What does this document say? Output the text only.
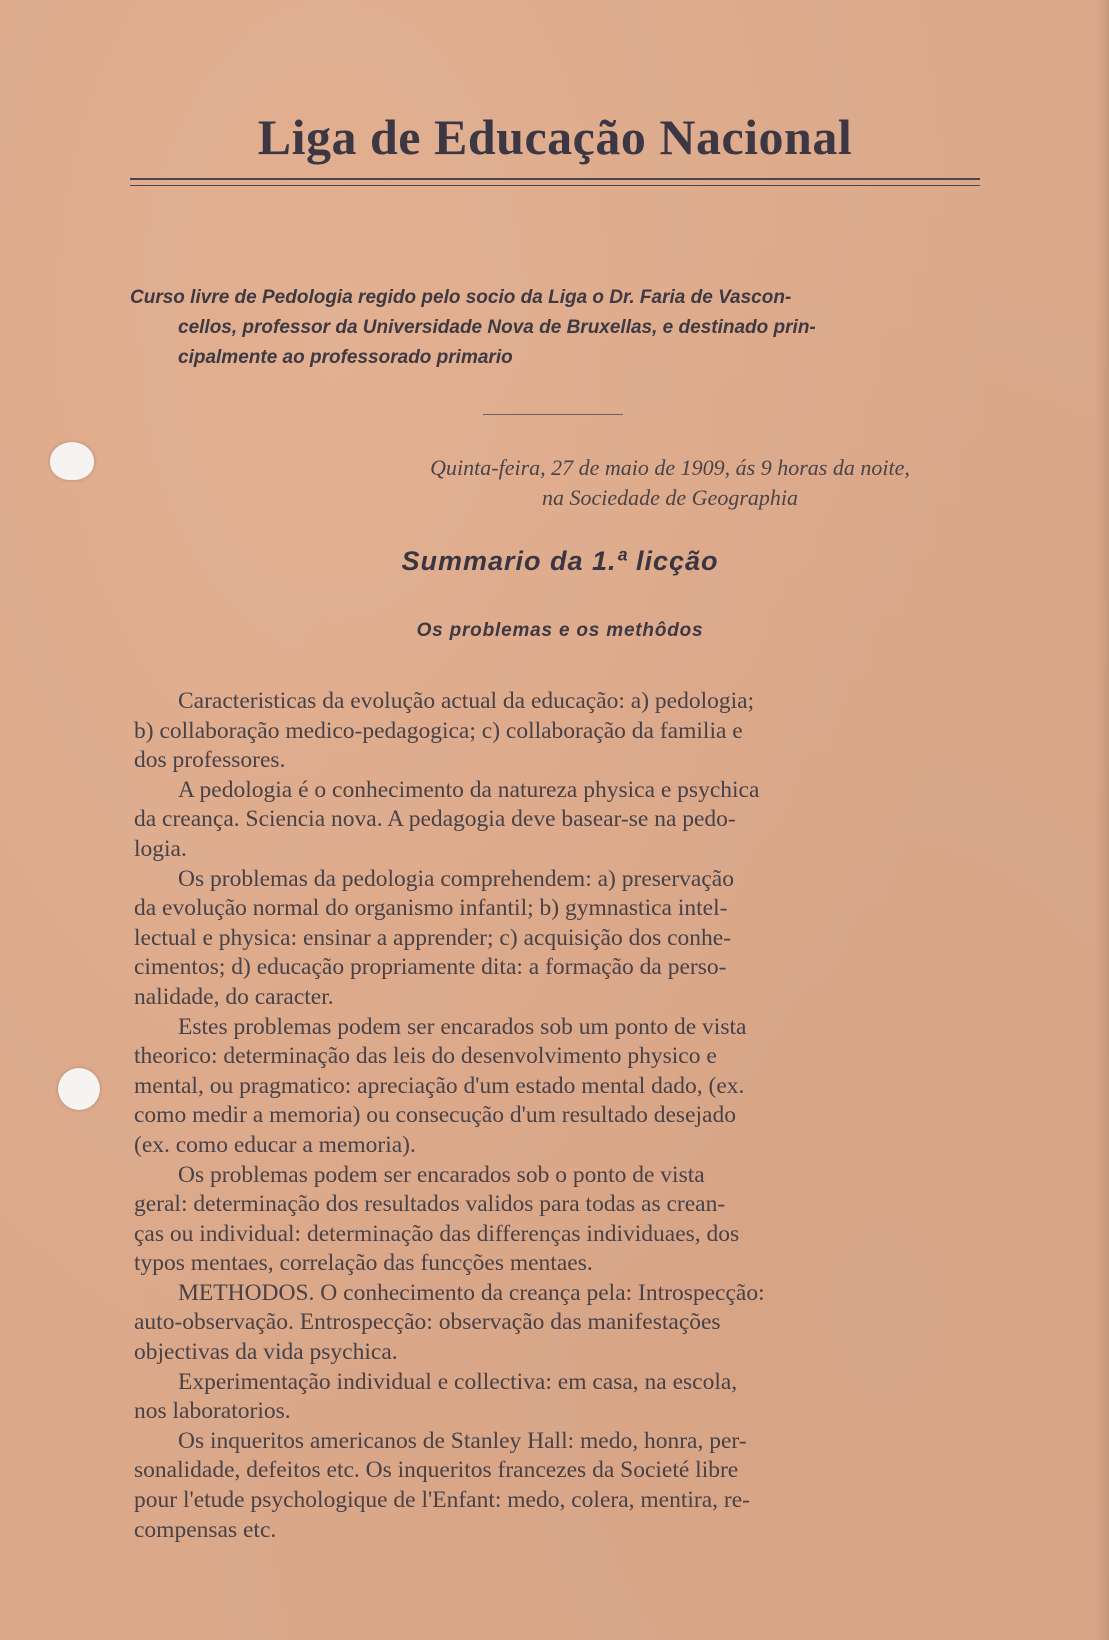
Liga de Educação Nacional
Curso livre de Pedologia regido pelo socio da Liga o Dr. Faria de Vascon-
cellos, professor da Universidade Nova de Bruxellas, e destinado prin-
cipalmente ao professorado primario
Quinta-feira, 27 de maio de 1909, ás 9 horas da noite,
na Sociedade de Geographia
Summario da 1.ª licção
Os problemas e os methôdos
Caracteristicas da evolução actual da educação: a) pedologia;
b) collaboração medico-pedagogica; c) collaboração da familia e
dos professores.
A pedologia é o conhecimento da natureza physica e psychica
da creança. Sciencia nova. A pedagogia deve basear-se na pedo-
logia.
Os problemas da pedologia comprehendem: a) preservação
da evolução normal do organismo infantil; b) gymnastica intel-
lectual e physica: ensinar a apprender; c) acquisição dos conhe-
cimentos; d) educação propriamente dita: a formação da perso-
nalidade, do caracter.
Estes problemas podem ser encarados sob um ponto de vista
theorico: determinação das leis do desenvolvimento physico e
mental, ou pragmatico: apreciação d'um estado mental dado, (ex.
como medir a memoria) ou consecução d'um resultado desejado
(ex. como educar a memoria).
Os problemas podem ser encarados sob o ponto de vista
geral: determinação dos resultados validos para todas as crean-
ças ou individual: determinação das differenças individuaes, dos
typos mentaes, correlação das funcções mentaes.
METHODOS. O conhecimento da creança pela: Introspecção:
auto-observação. Entrospecção: observação das manifestações
objectivas da vida psychica.
Experimentação individual e collectiva: em casa, na escola,
nos laboratorios.
Os inqueritos americanos de Stanley Hall: medo, honra, per-
sonalidade, defeitos etc. Os inqueritos francezes da Societé libre
pour l'etude psychologique de l'Enfant: medo, colera, mentira, re-
compensas etc.
